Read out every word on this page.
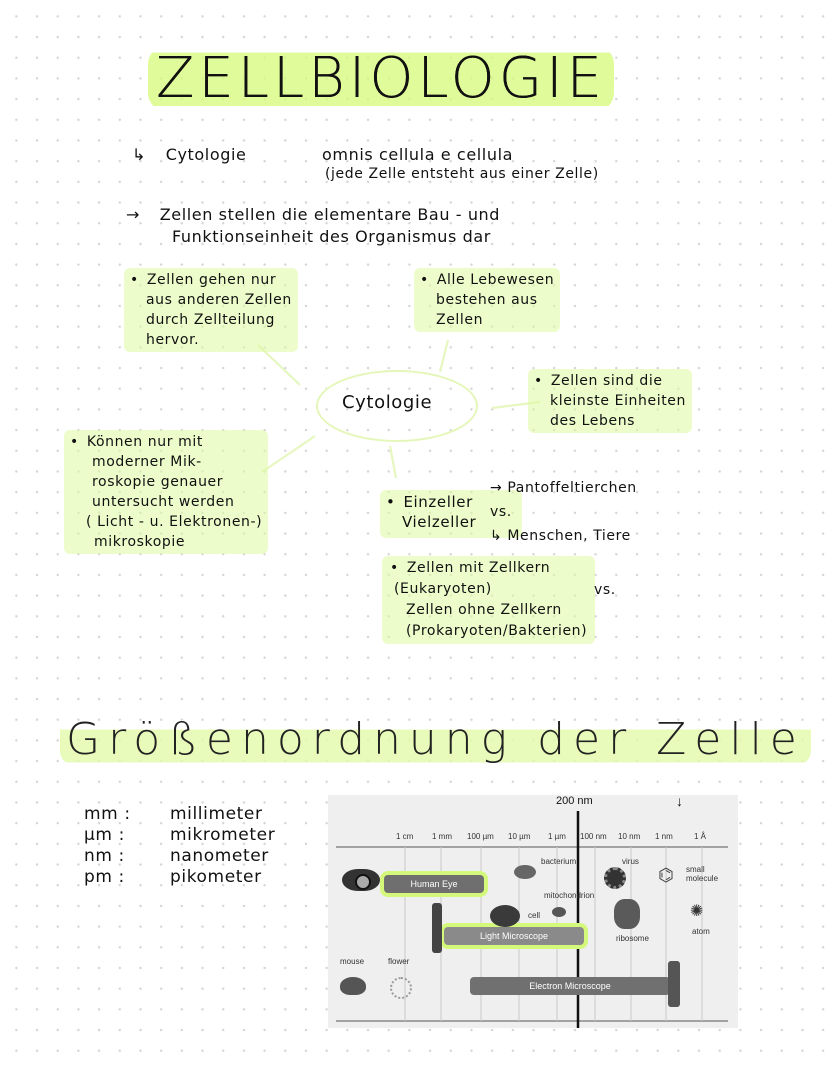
ZELLBIOLOGIE
↳ Cytologie	omnis cellula e cellula
(jede Zelle entsteht aus einer Zelle)
→ Zellen stellen die elementare Bau - und
Funktionseinheit des Organismus dar
Cytologie
• Zellen gehen nur
aus anderen Zellen
durch Zellteilung
hervor.
• Alle Lebewesen
bestehen aus
Zellen
• Zellen sind die
kleinste Einheiten
des Lebens
• Können nur mit
moderner Mik-
roskopie genauer
untersucht werden
( Licht - u. Elektronen-)
mikroskopie
• Einzeller
Vielzeller
vs.
→ Pantoffeltierchen
↳ Menschen, Tiere
• Zellen mit Zellkern
(Eukaryoten)
Zellen ohne Zellkern
(Prokaryoten/Bakterien)
vs.
Größenordnung der Zelle
mm :	millimeter
µm :	mikrometer
nm :	nanometer
pm :	pikometer
200 nm	↓
1 cm 1 mm 100 µm 10 µm 1 µm 100 nm 10 nm 1 nm	1 Å
Human Eye
Light Microscope
Electron Microscope
bacterium	virus
⌬ small
molecule
mitochondrion
cell
ribosome
✺
atom
mouse	flower
